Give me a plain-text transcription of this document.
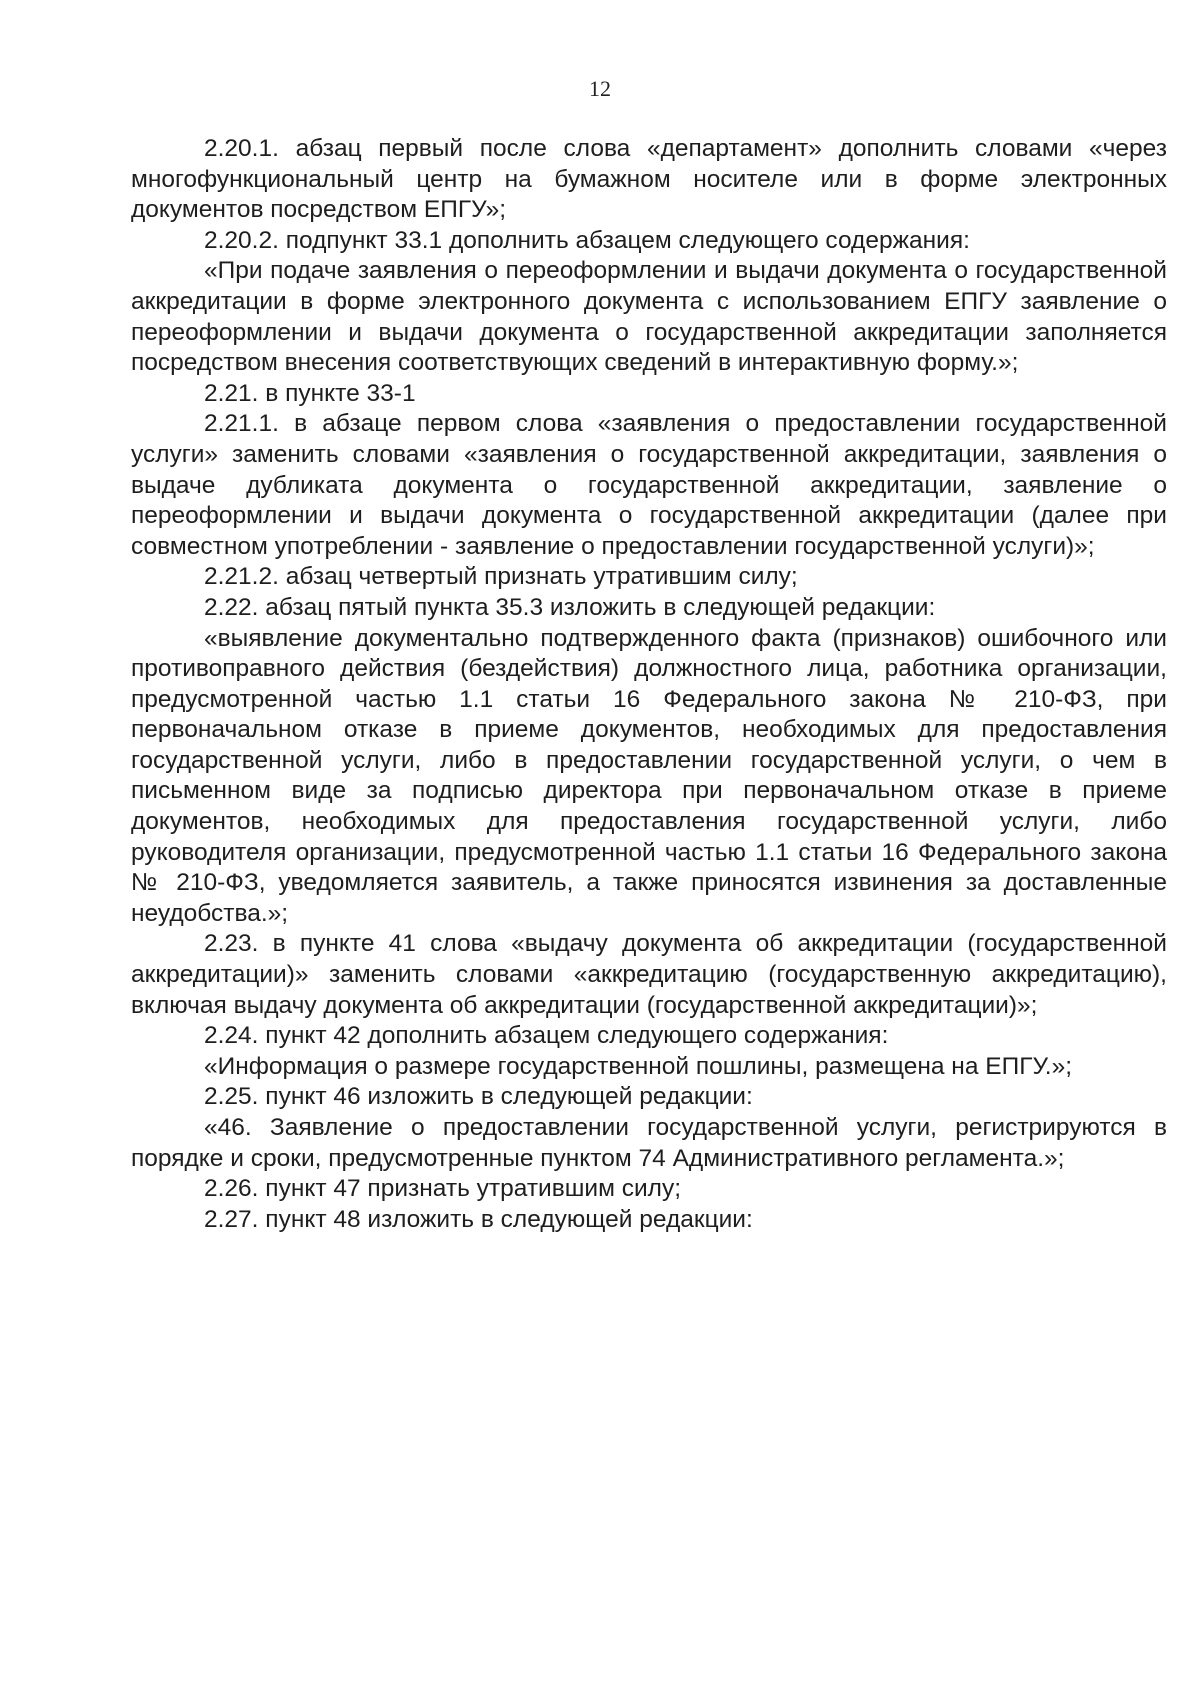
12

2.20.1. абзац первый после слова «департамент» дополнить словами «через многофункциональный центр на бумажном носителе или в форме электронных документов посредством ЕПГУ»;

2.20.2. подпункт 33.1 дополнить абзацем следующего содержания:

«При подаче заявления о переоформлении и выдачи документа о государственной аккредитации в форме электронного документа с использованием ЕПГУ заявление о переоформлении и выдачи документа о государственной аккредитации заполняется посредством внесения соответствующих сведений в интерактивную форму.»;

2.21. в пункте 33-1

2.21.1. в абзаце первом слова «заявления о предоставлении государственной услуги» заменить словами «заявления о государственной аккредитации, заявления о выдаче дубликата документа о государственной аккредитации, заявление о переоформлении и выдачи документа о государственной аккредитации (далее при совместном употреблении - заявление о предоставлении государственной услуги)»;

2.21.2. абзац четвертый признать утратившим силу;

2.22. абзац пятый пункта 35.3 изложить в следующей редакции:

«выявление документально подтвержденного факта (признаков) ошибочного или противоправного действия (бездействия) должностного лица, работника организации, предусмотренной частью 1.1 статьи 16 Федерального закона № 210-ФЗ, при первоначальном отказе в приеме документов, необходимых для предоставления государственной услуги, либо в предоставлении государственной услуги, о чем в письменном виде за подписью директора при первоначальном отказе в приеме документов, необходимых для предоставления государственной услуги, либо руководителя организации, предусмотренной частью 1.1 статьи 16 Федерального закона № 210-ФЗ, уведомляется заявитель, а также приносятся извинения за доставленные неудобства.»;

2.23. в пункте 41 слова «выдачу документа об аккредитации (государственной аккредитации)» заменить словами «аккредитацию (государственную аккредитацию), включая выдачу документа об аккредитации (государственной аккредитации)»;

2.24. пункт 42 дополнить абзацем следующего содержания:

«Информация о размере государственной пошлины, размещена на ЕПГУ.»;

2.25. пункт 46 изложить в следующей редакции:

«46. Заявление о предоставлении государственной услуги, регистрируются в порядке и сроки, предусмотренные пунктом 74 Административного регламента.»;

2.26. пункт 47 признать утратившим силу;

2.27. пункт 48 изложить в следующей редакции:
